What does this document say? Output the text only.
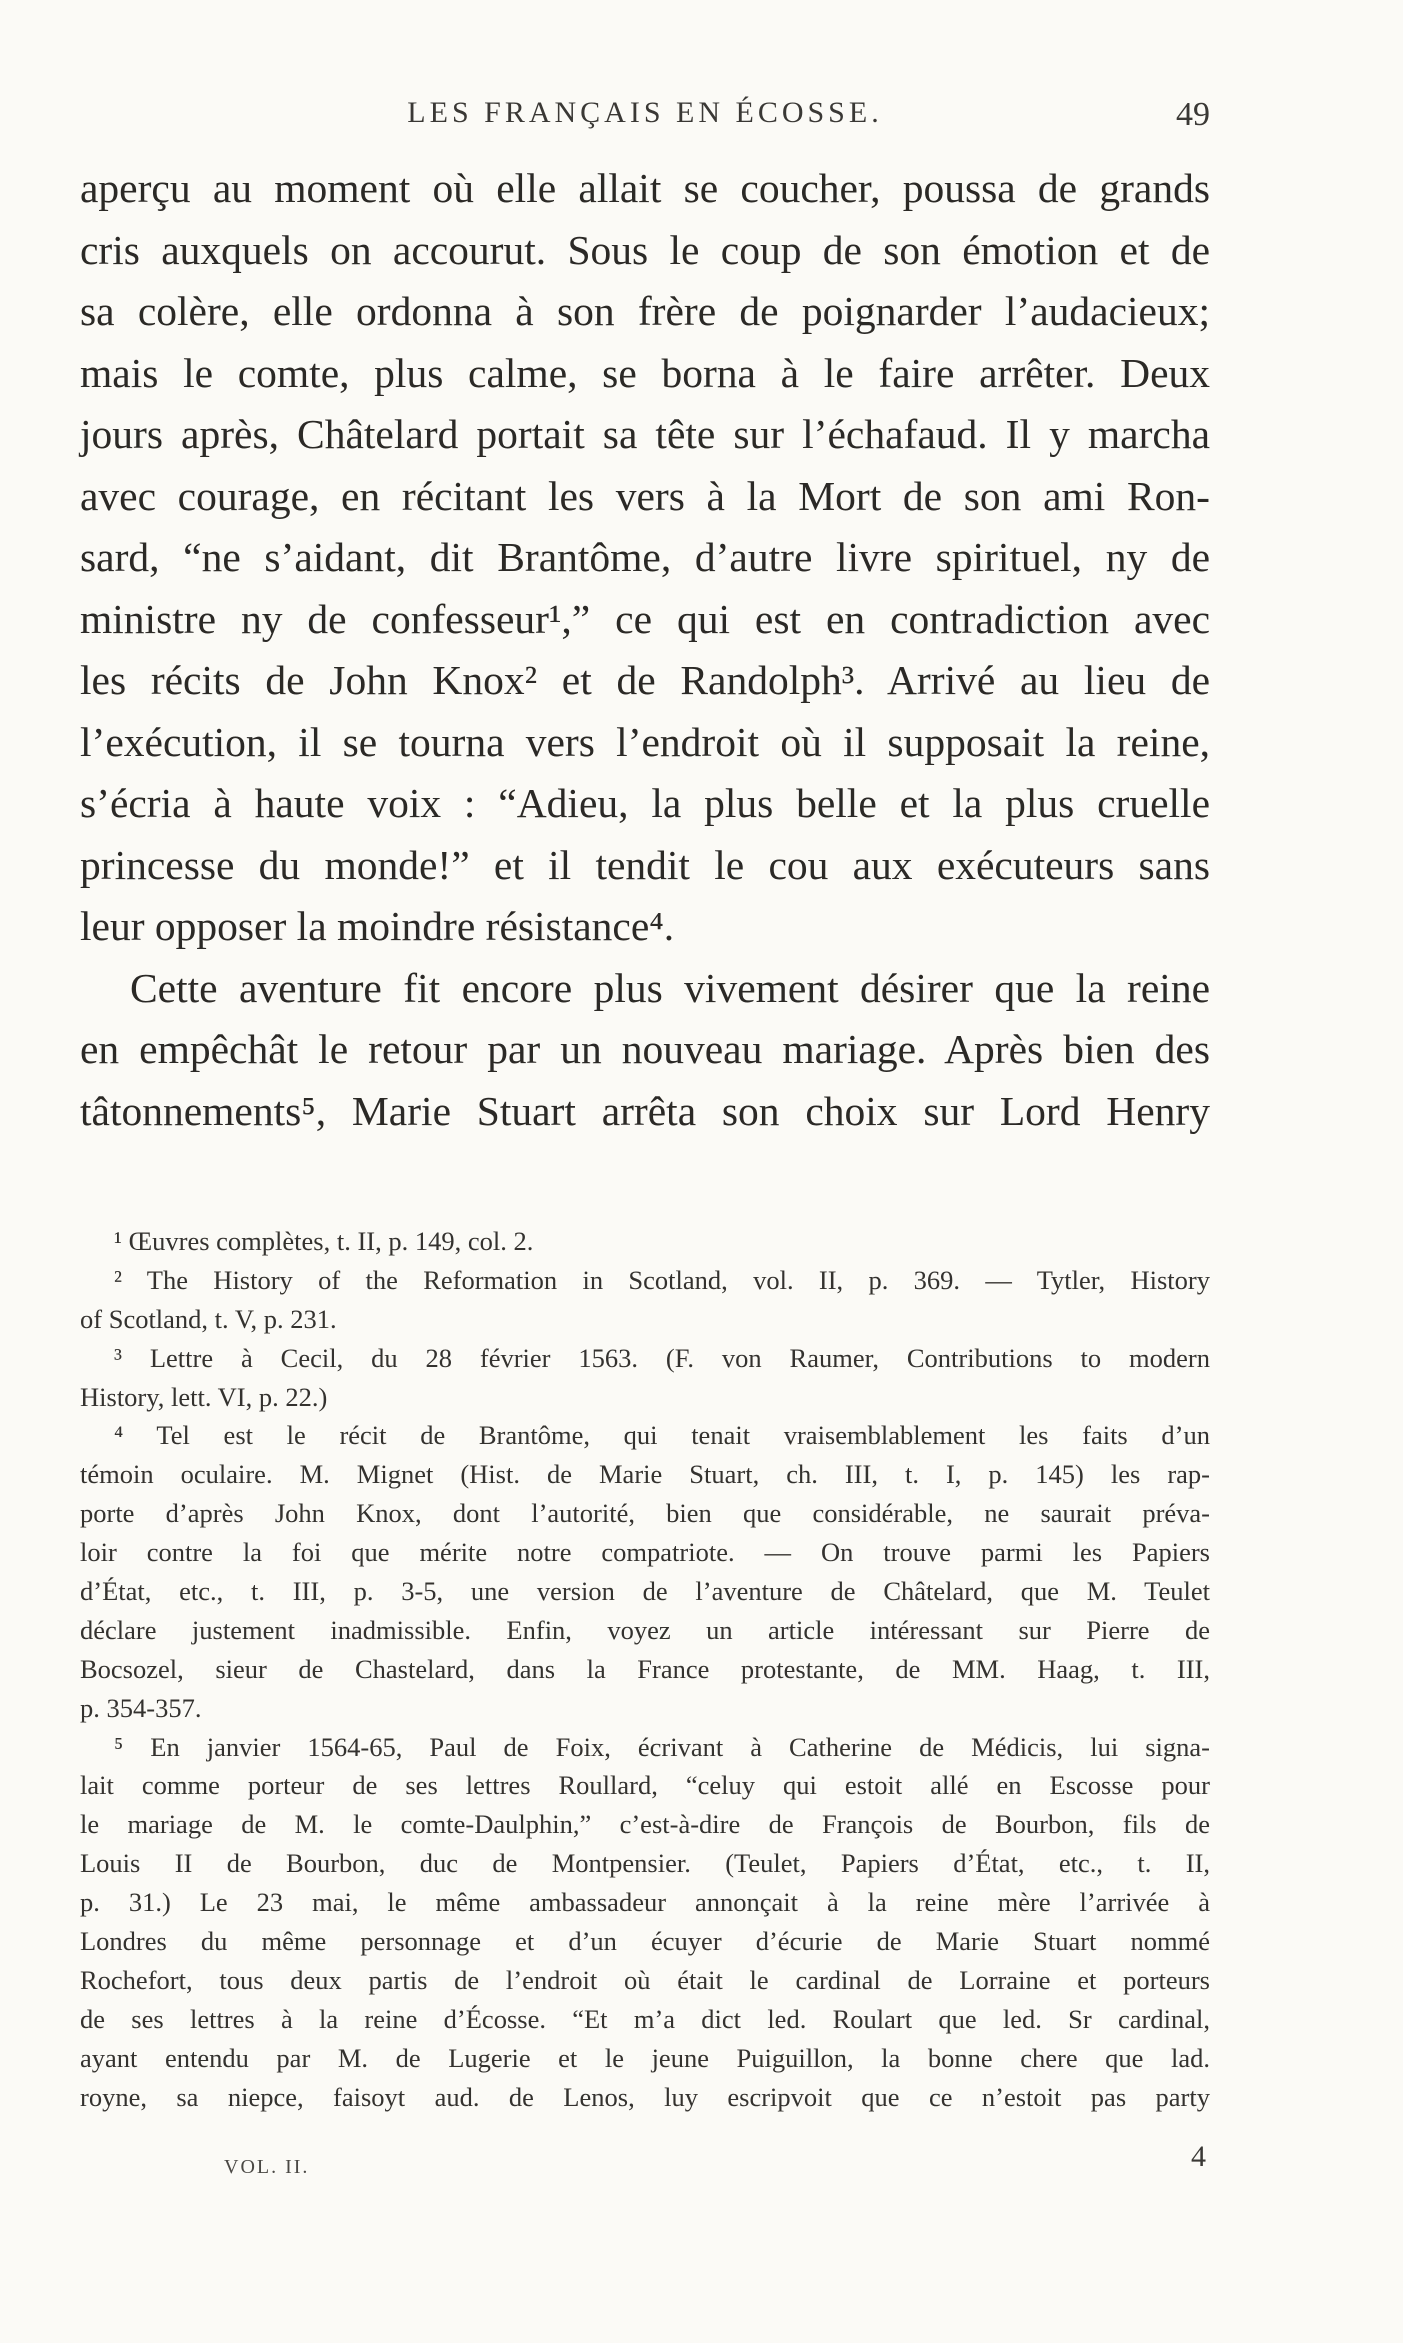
LES FRANÇAIS EN ÉCOSSE.	49
aperçu au moment où elle allait se coucher, poussa de grands
cris auxquels on accourut. Sous le coup de son émotion et de
sa colère, elle ordonna à son frère de poignarder l’audacieux;
mais le comte, plus calme, se borna à le faire arrêter. Deux
jours après, Châtelard portait sa tête sur l’échafaud. Il y marcha
avec courage, en récitant les vers à la Mort de son ami Ron-
sard, “ne s’aidant, dit Brantôme, d’autre livre spirituel, ny de
ministre ny de confesseur¹,” ce qui est en contradiction avec
les récits de John Knox² et de Randolph³. Arrivé au lieu de
l’exécution, il se tourna vers l’endroit où il supposait la reine,
s’écria à haute voix : “Adieu, la plus belle et la plus cruelle
princesse du monde!” et il tendit le cou aux exécuteurs sans
leur opposer la moindre résistance⁴.
Cette aventure fit encore plus vivement désirer que la reine
en empêchât le retour par un nouveau mariage. Après bien des
tâtonnements⁵, Marie Stuart arrêta son choix sur Lord Henry
¹ Œuvres complètes, t. II, p. 149, col. 2.
² The History of the Reformation in Scotland, vol. II, p. 369. — Tytler, History
of Scotland, t. V, p. 231.
³ Lettre à Cecil, du 28 février 1563. (F. von Raumer, Contributions to modern
History, lett. VI, p. 22.)
⁴ Tel est le récit de Brantôme, qui tenait vraisemblablement les faits d’un
témoin oculaire. M. Mignet (Hist. de Marie Stuart, ch. III, t. I, p. 145) les rap-
porte d’après John Knox, dont l’autorité, bien que considérable, ne saurait préva-
loir contre la foi que mérite notre compatriote. — On trouve parmi les Papiers
d’État, etc., t. III, p. 3-5, une version de l’aventure de Châtelard, que M. Teulet
déclare justement inadmissible. Enfin, voyez un article intéressant sur Pierre de
Bocsozel, sieur de Chastelard, dans la France protestante, de MM. Haag, t. III,
p. 354-357.
⁵ En janvier 1564-65, Paul de Foix, écrivant à Catherine de Médicis, lui signa-
lait comme porteur de ses lettres Roullard, “celuy qui estoit allé en Escosse pour
le mariage de M. le comte-Daulphin,” c’est-à-dire de François de Bourbon, fils de
Louis II de Bourbon, duc de Montpensier. (Teulet, Papiers d’État, etc., t. II,
p. 31.) Le 23 mai, le même ambassadeur annonçait à la reine mère l’arrivée à
Londres du même personnage et d’un écuyer d’écurie de Marie Stuart nommé
Rochefort, tous deux partis de l’endroit où était le cardinal de Lorraine et porteurs
de ses lettres à la reine d’Écosse. “Et m’a dict led. Roulart que led. Sr cardinal,
ayant entendu par M. de Lugerie et le jeune Puiguillon, la bonne chere que lad.
royne, sa niepce, faisoyt aud. de Lenos, luy escripvoit que ce n’estoit pas party
VOL. II.	4
